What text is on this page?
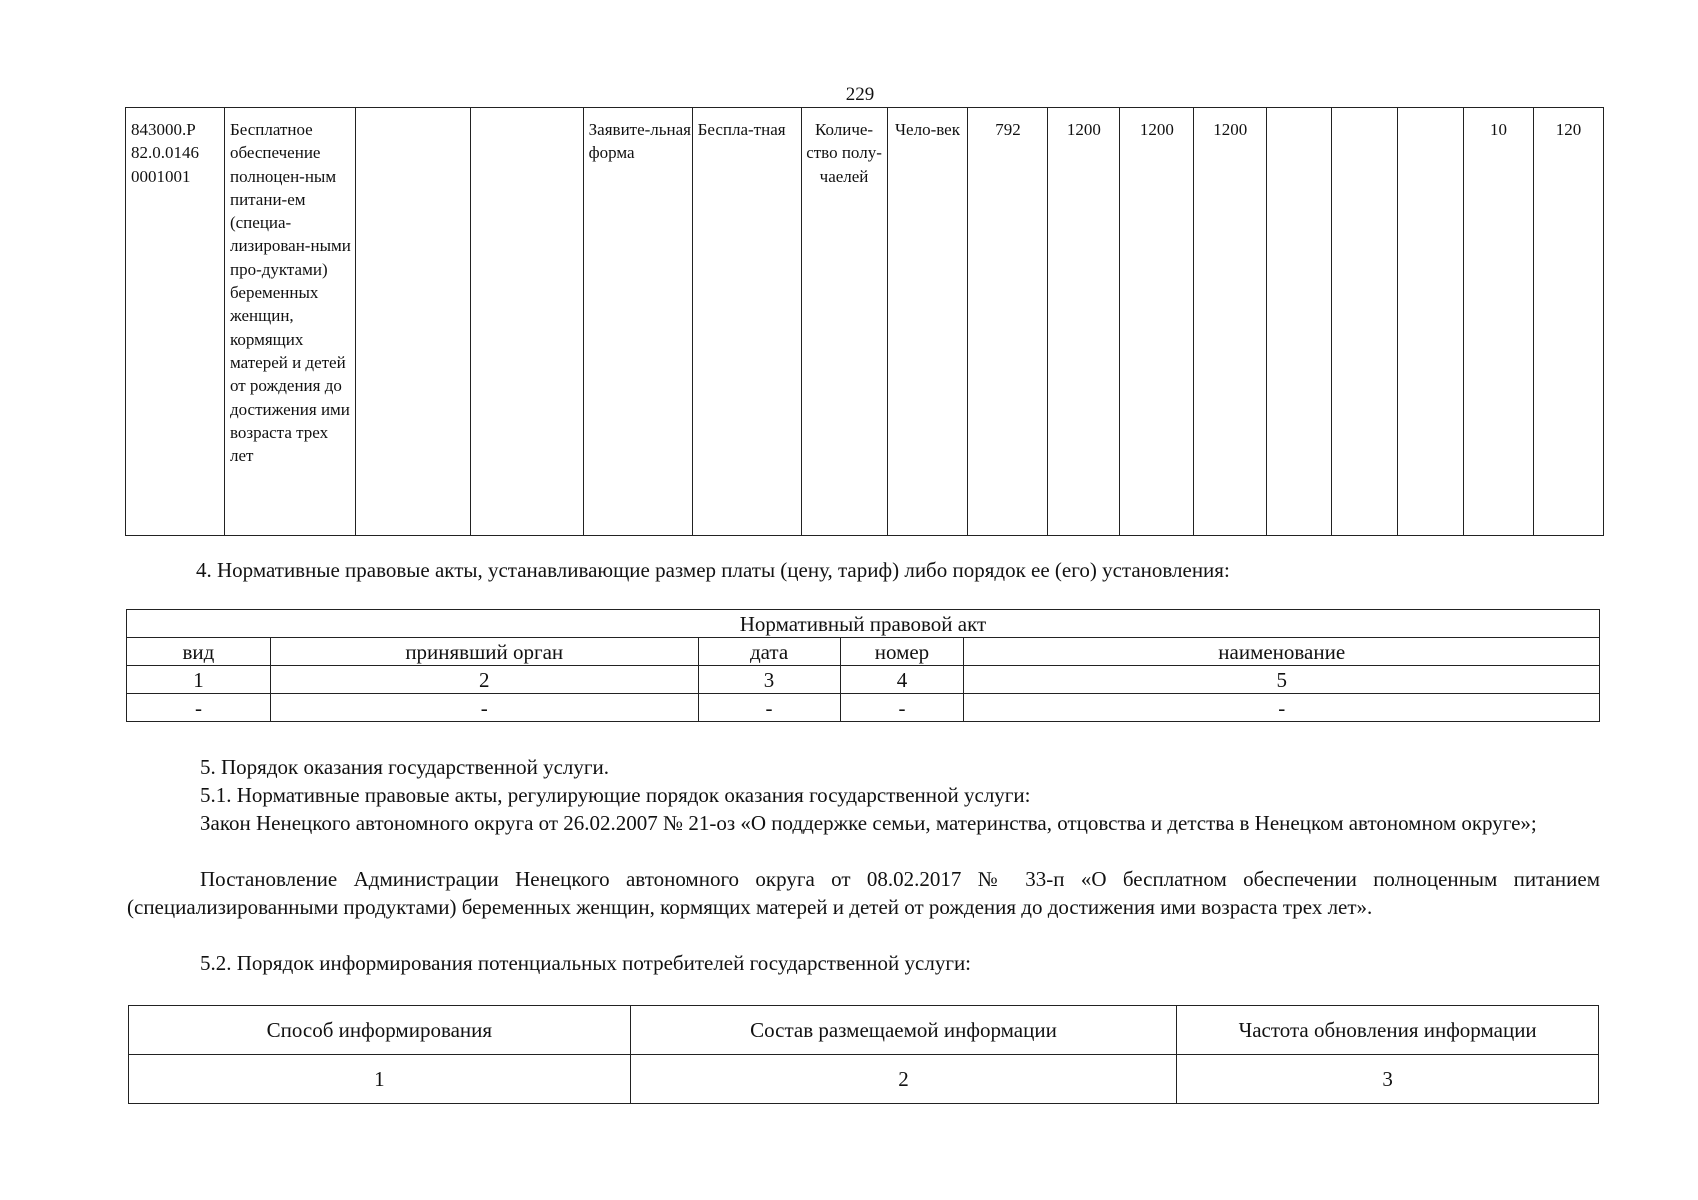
229
843000.Р 82.0.0146 0001001	Бесплатное обеспечение полноцен-ным питани-ем (специа-лизирован-ными про-дуктами) беременных женщин, кормящих матерей и детей от рождения до достижения ими возраста трех лет			Заявите-льная форма	Беспла-тная	Количе-ство полу-чаелей	Чело-век	792	1200	1200	1200				10	120

4. Нормативные правовые акты, устанавливающие размер платы (цену, тариф) либо порядок ее (его) установления:

Нормативный правовой акт				
вид	принявший орган	дата	номер	наименование
1	2	3	4	5
-	-	-	-	-

5. Порядок оказания государственной услуги.

5.1. Нормативные правовые акты, регулирующие порядок оказания государственной услуги:

Закон Ненецкого автономного округа от 26.02.2007 № 21-оз «О поддержке семьи, материнства, отцовства и детства в Ненецком автономном округе»;

Постановление Администрации Ненецкого автономного округа от 08.02.2017 № 33-п «О бесплатном обеспечении полноценным питанием (специализированными продуктами) беременных женщин, кормящих матерей и детей от рождения до достижения ими возраста трех лет».

5.2. Порядок информирования потенциальных потребителей государственной услуги:

Способ информирования	Состав размещаемой информации	Частота обновления информации
1	2	3
